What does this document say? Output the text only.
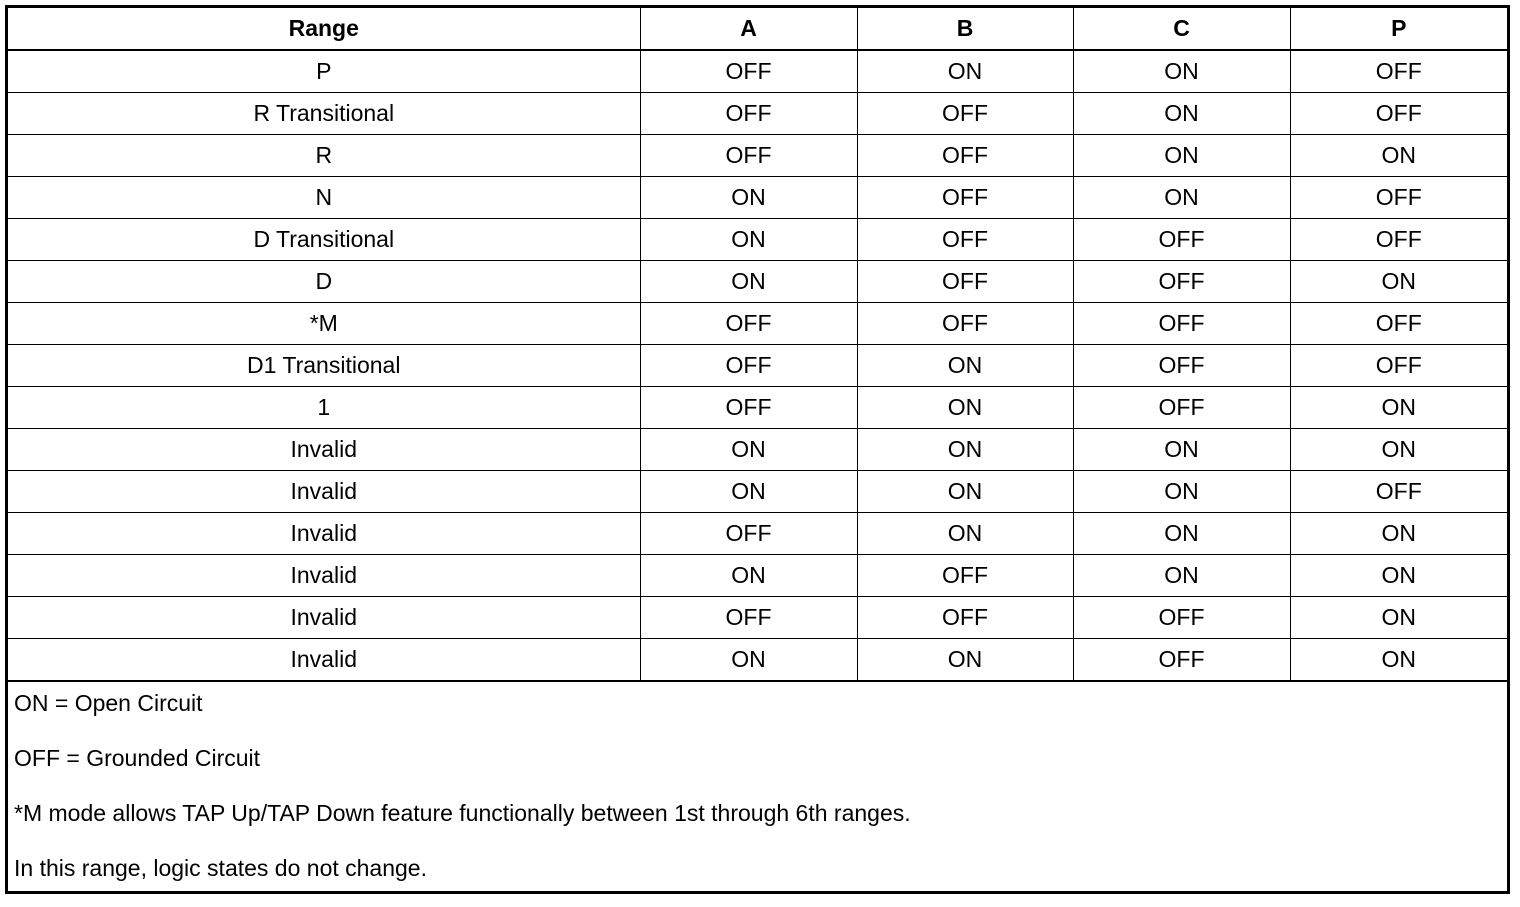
Range	A	B	C	P
P	OFF	ON	ON	OFF
R Transitional	OFF	OFF	ON	OFF
R	OFF	OFF	ON	ON
N	ON	OFF	ON	OFF
D Transitional	ON	OFF	OFF	OFF
D	ON	OFF	OFF	ON
*M	OFF	OFF	OFF	OFF
D1 Transitional	OFF	ON	OFF	OFF
1	OFF	ON	OFF	ON
Invalid	ON	ON	ON	ON
Invalid	ON	ON	ON	OFF
Invalid	OFF	ON	ON	ON
Invalid	ON	OFF	ON	ON
Invalid	OFF	OFF	OFF	ON
Invalid	ON	ON	OFF	ON
ON = Open Circuit
OFF = Grounded Circuit
*M mode allows TAP Up/TAP Down feature functionally between 1st through 6th ranges.
In this range, logic states do not change.
